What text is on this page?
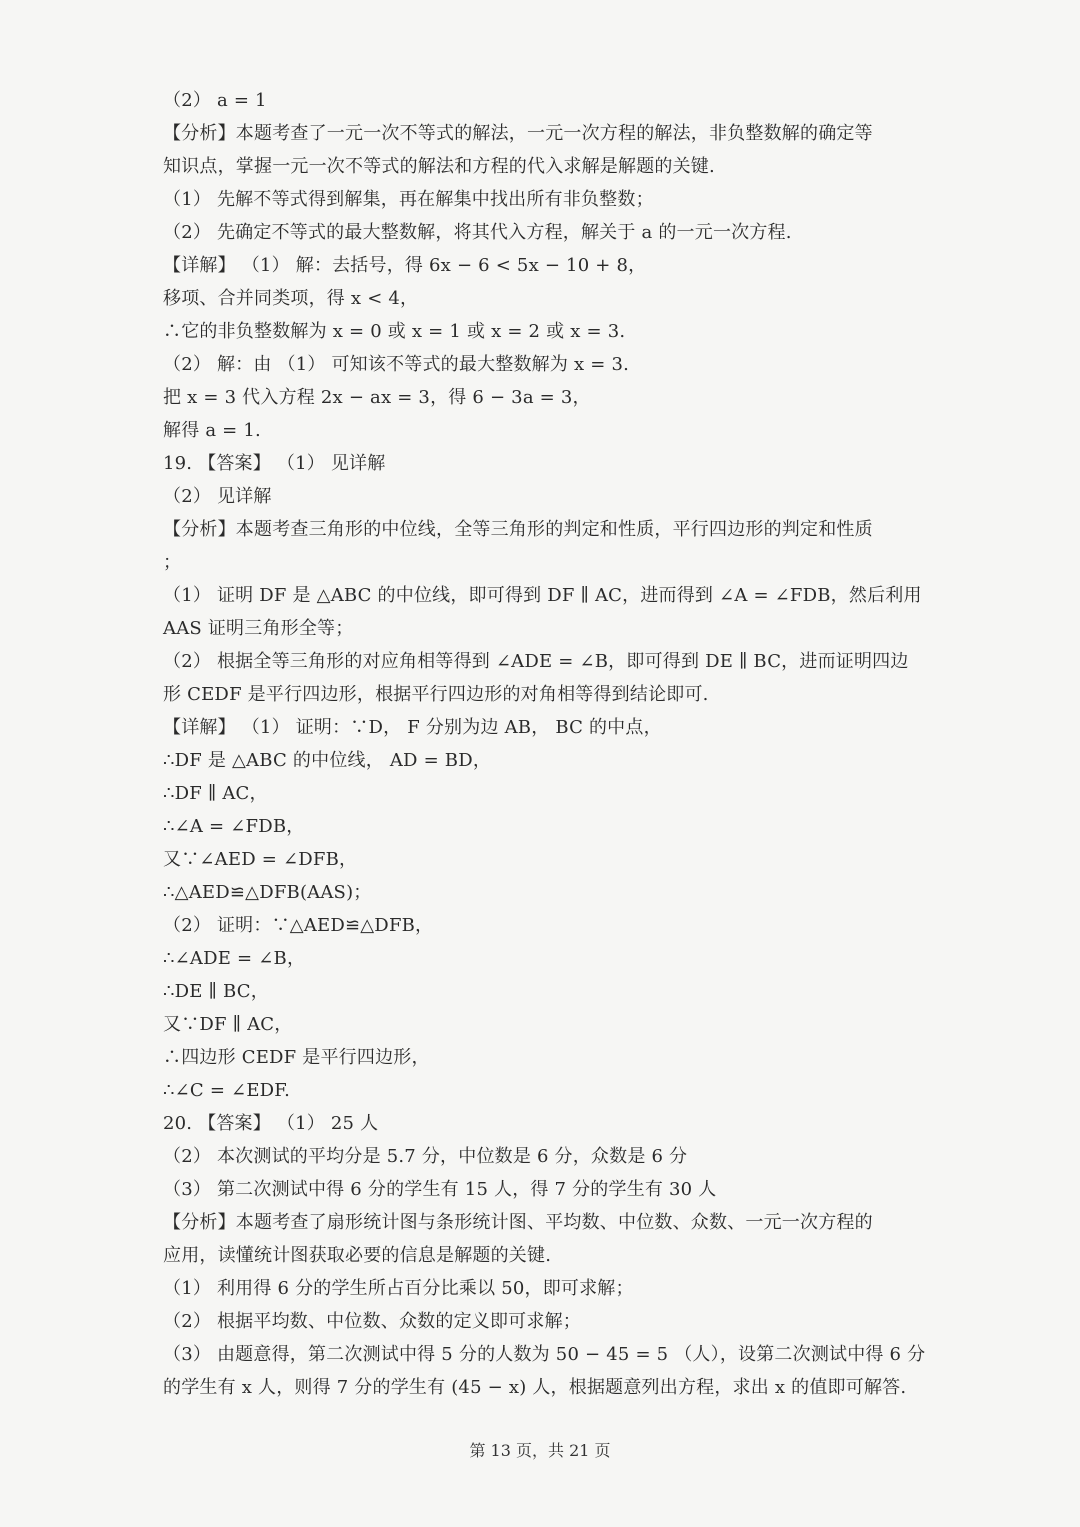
（2） a = 1
【分析】本题考查了一元一次不等式的解法，一元一次方程的解法，非负整数解的确定等
知识点，掌握一元一次不等式的解法和方程的代入求解是解题的关键.
（1） 先解不等式得到解集，再在解集中找出所有非负整数；
（2） 先确定不等式的最大整数解，将其代入方程，解关于 a 的一元一次方程.
【详解】 （1） 解：去括号，得 6x − 6 < 5x − 10 + 8，
移项、合并同类项，得 x < 4，
∴它的非负整数解为 x = 0 或 x = 1 或 x = 2 或 x = 3.
（2） 解：由 （1） 可知该不等式的最大整数解为 x = 3.
把 x = 3 代入方程 2x − ax = 3，得 6 − 3a = 3，
解得 a = 1.
19. 【答案】 （1） 见详解
（2） 见详解
【分析】本题考查三角形的中位线，全等三角形的判定和性质，平行四边形的判定和性质
；
（1） 证明 DF 是 △ABC 的中位线，即可得到 DF ∥ AC，进而得到 ∠A = ∠FDB，然后利用
AAS 证明三角形全等；
（2） 根据全等三角形的对应角相等得到 ∠ADE = ∠B，即可得到 DE ∥ BC，进而证明四边
形 CEDF 是平行四边形，根据平行四边形的对角相等得到结论即可.
【详解】 （1） 证明：∵D， F 分别为边 AB， BC 的中点，
∴DF 是 △ABC 的中位线， AD = BD，
∴DF ∥ AC，
∴∠A = ∠FDB，
又∵∠AED = ∠DFB，
∴△AED≌△DFB(AAS)；
（2） 证明：∵△AED≌△DFB，
∴∠ADE = ∠B，
∴DE ∥ BC，
又∵DF ∥ AC，
∴四边形 CEDF 是平行四边形，
∴∠C = ∠EDF.
20. 【答案】 （1） 25 人
（2） 本次测试的平均分是 5.7 分，中位数是 6 分，众数是 6 分
（3） 第二次测试中得 6 分的学生有 15 人，得 7 分的学生有 30 人
【分析】本题考查了扇形统计图与条形统计图、平均数、中位数、众数、一元一次方程的
应用，读懂统计图获取必要的信息是解题的关键.
（1） 利用得 6 分的学生所占百分比乘以 50，即可求解；
（2） 根据平均数、中位数、众数的定义即可求解；
（3） 由题意得，第二次测试中得 5 分的人数为 50 − 45 = 5 （人），设第二次测试中得 6 分
的学生有 x 人，则得 7 分的学生有 (45 − x) 人，根据题意列出方程，求出 x 的值即可解答.
第 13 页，共 21 页
